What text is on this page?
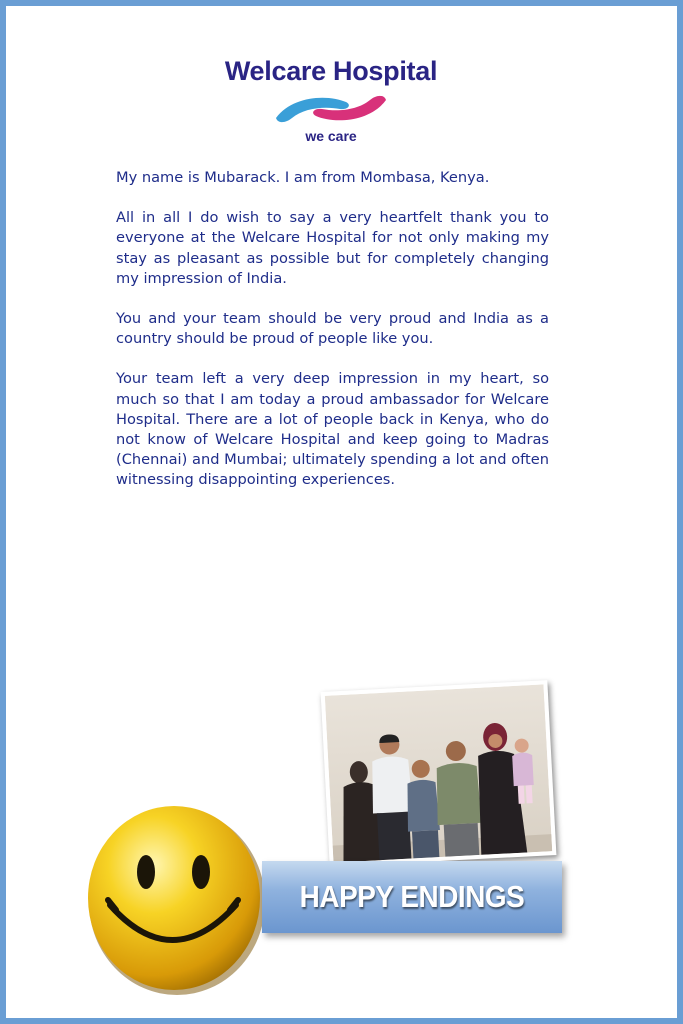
Welcare Hospital
we care

My name is Mubarack. I am from Mombasa, Kenya.

All in all I do wish to say a very heartfelt thank you to everyone at the Welcare Hospital for not only making my stay as pleasant as possible but for completely changing my impression of India.

You and your team should be very proud and India as a country should be proud of people like you.

Your team left a very deep impression in my heart, so much so that I am today a proud ambassador for Welcare Hospital. There are a lot of people back in Kenya, who do not know of Welcare Hospital and keep going to Madras (Chennai) and Mumbai; ultimately spending a lot and often witnessing disappointing experiences.

HAPPY ENDINGS
